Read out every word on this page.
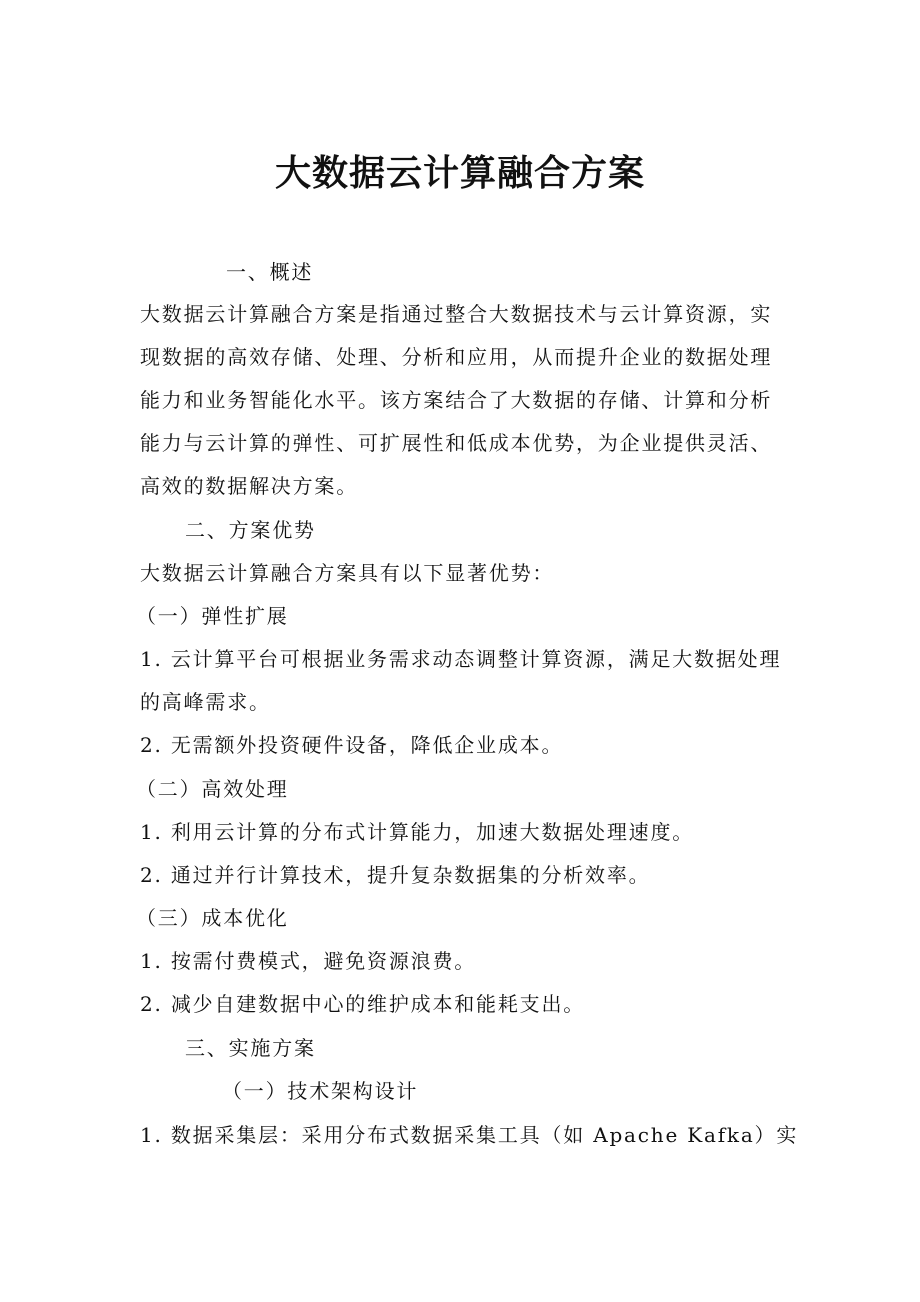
大数据云计算融合方案
一、概述
大数据云计算融合方案是指通过整合大数据技术与云计算资源，实
现数据的高效存储、处理、分析和应用，从而提升企业的数据处理
能力和业务智能化水平。该方案结合了大数据的存储、计算和分析
能力与云计算的弹性、可扩展性和低成本优势，为企业提供灵活、
高效的数据解决方案。
二、方案优势
大数据云计算融合方案具有以下显著优势：
（一）弹性扩展
1. 云计算平台可根据业务需求动态调整计算资源，满足大数据处理
的高峰需求。
2. 无需额外投资硬件设备，降低企业成本。
（二）高效处理
1. 利用云计算的分布式计算能力，加速大数据处理速度。
2. 通过并行计算技术，提升复杂数据集的分析效率。
（三）成本优化
1. 按需付费模式，避免资源浪费。
2. 减少自建数据中心的维护成本和能耗支出。
三、实施方案
（一）技术架构设计
1. 数据采集层：采用分布式数据采集工具（如 Apache Kafka）实
